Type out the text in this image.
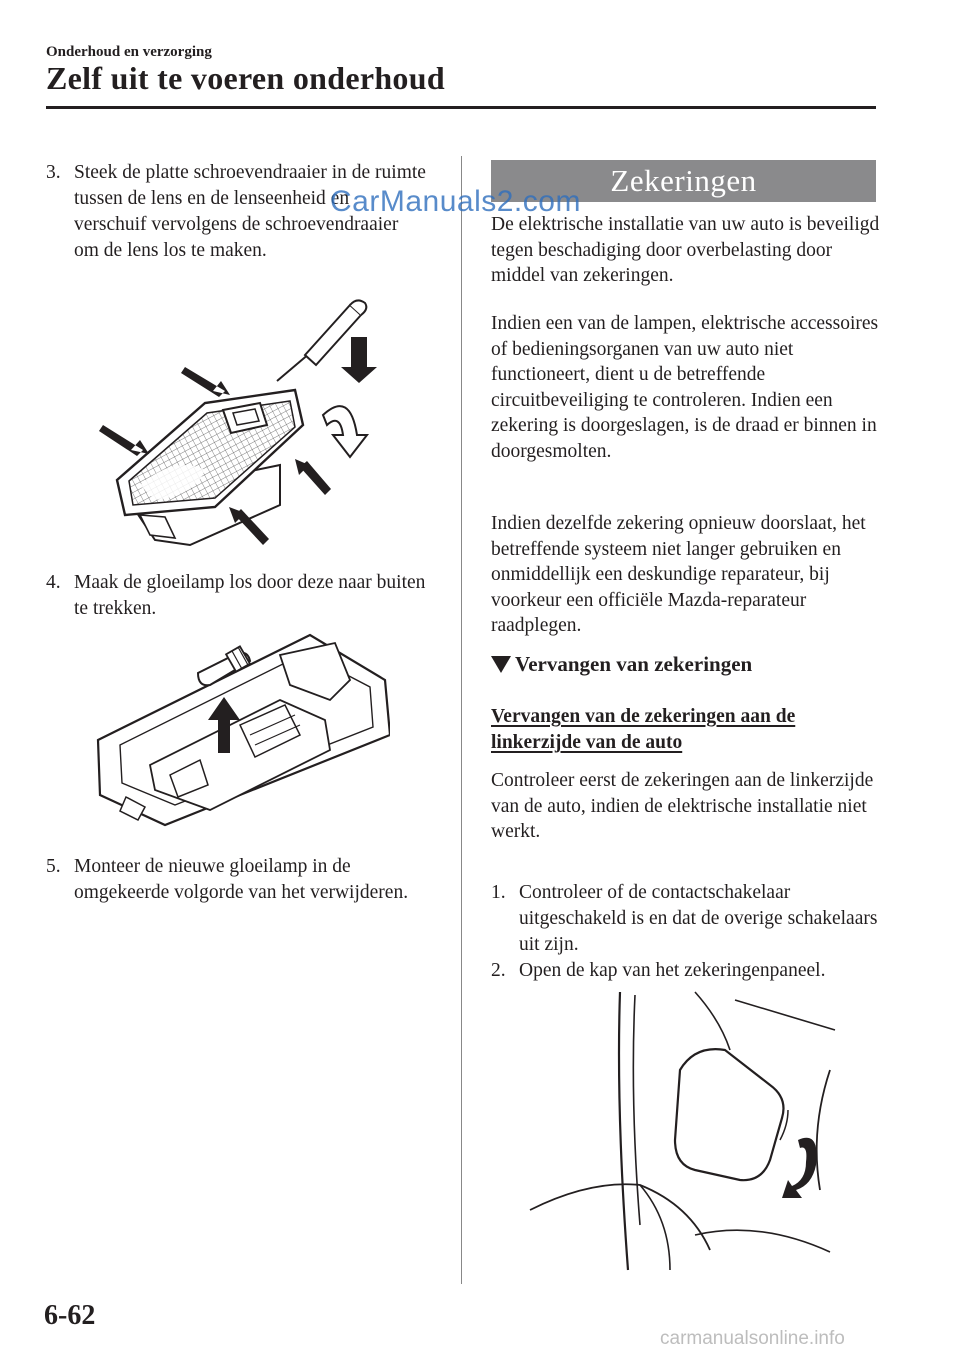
Onderhoud en verzorging
Zelf uit te voeren onderhoud
3. Steek de platte schroevendraaier in de ruimte tussen de lens en de lenseenheid en verschuif vervolgens de schroevendraaier om de lens los te maken.
4. Maak de gloeilamp los door deze naar buiten te trekken.
5. Monteer de nieuwe gloeilamp in de omgekeerde volgorde van het verwijderen.
Zekeringen
De elektrische installatie van uw auto is beveiligd tegen beschadiging door overbelasting door middel van zekeringen.
Indien een van de lampen, elektrische accessoires of bedieningsorganen van uw auto niet functioneert, dient u de betreffende circuitbeveiliging te controleren. Indien een zekering is doorgeslagen, is de draad er binnen in doorgesmolten.
Indien dezelfde zekering opnieuw doorslaat, het betreffende systeem niet langer gebruiken en onmiddellijk een deskundige reparateur, bij voorkeur een officiële Mazda-reparateur raadplegen.
Vervangen van zekeringen
Vervangen van de zekeringen aan de linkerzijde van de auto
Controleer eerst de zekeringen aan de linkerzijde van de auto, indien de elektrische installatie niet werkt.
1. Controleer of de contactschakelaar uitgeschakeld is en dat de overige schakelaars uit zijn.
2. Open de kap van het zekeringenpaneel.
6-62
CarManuals2.com
carmanualsonline.info
